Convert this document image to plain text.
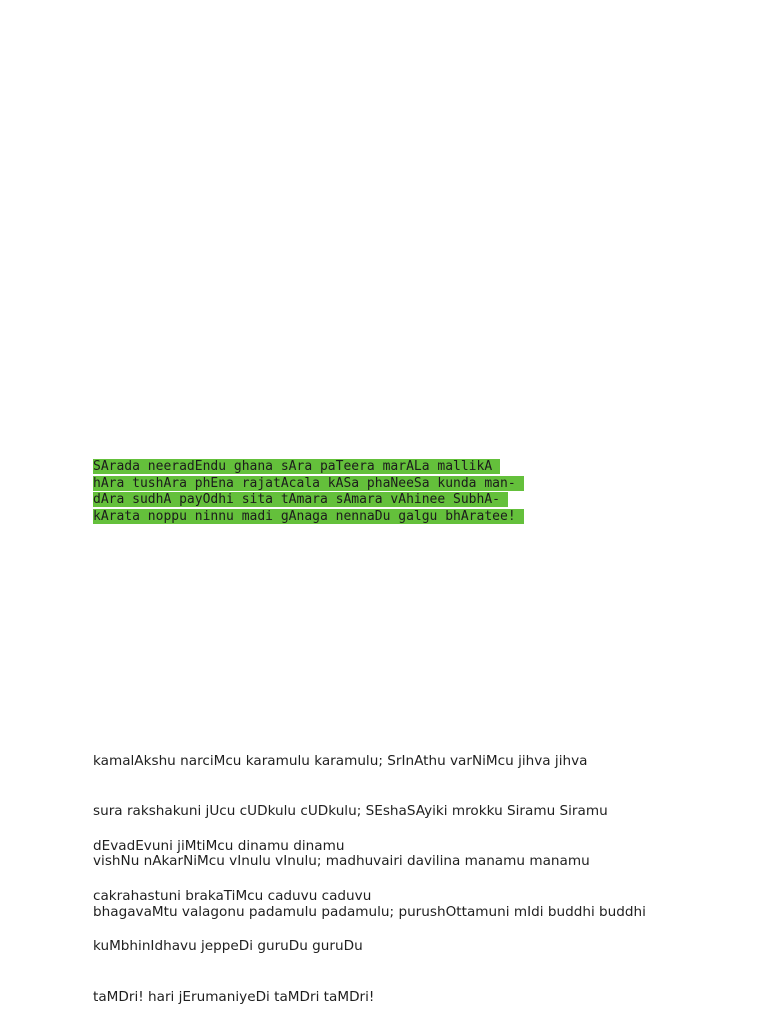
SArada neeradEndu ghana sAra paTeera marALa mallikA
hAra tushAra phEna rajatAcala kASa phaNeeSa kunda man-
dAra sudhA payOdhi sita tAmara sAmara vAhinee SubhA-
kArata noppu ninnu madi gAnaga nennaDu galgu bhAratee!

kamalAkshu narciMcu karamulu karamulu; SrInAthu varNiMcu jihva jihva

sura rakshakuni jUcu cUDkulu cUDkulu; SEshaSAyiki mrokku Siramu Siramu

vishNu nAkarNiMcu vInulu vInulu; madhuvairi davilina manamu manamu

bhagavaMtu valagonu padamulu padamulu; purushOttamuni mIdi buddhi buddhi

dEvadEvuni jiMtiMcu dinamu dinamu

cakrahastuni brakaTiMcu caduvu caduvu

kuMbhinIdhavu jeppeDi guruDu guruDu

taMDri! hari jErumaniyeDi taMDri taMDri!
